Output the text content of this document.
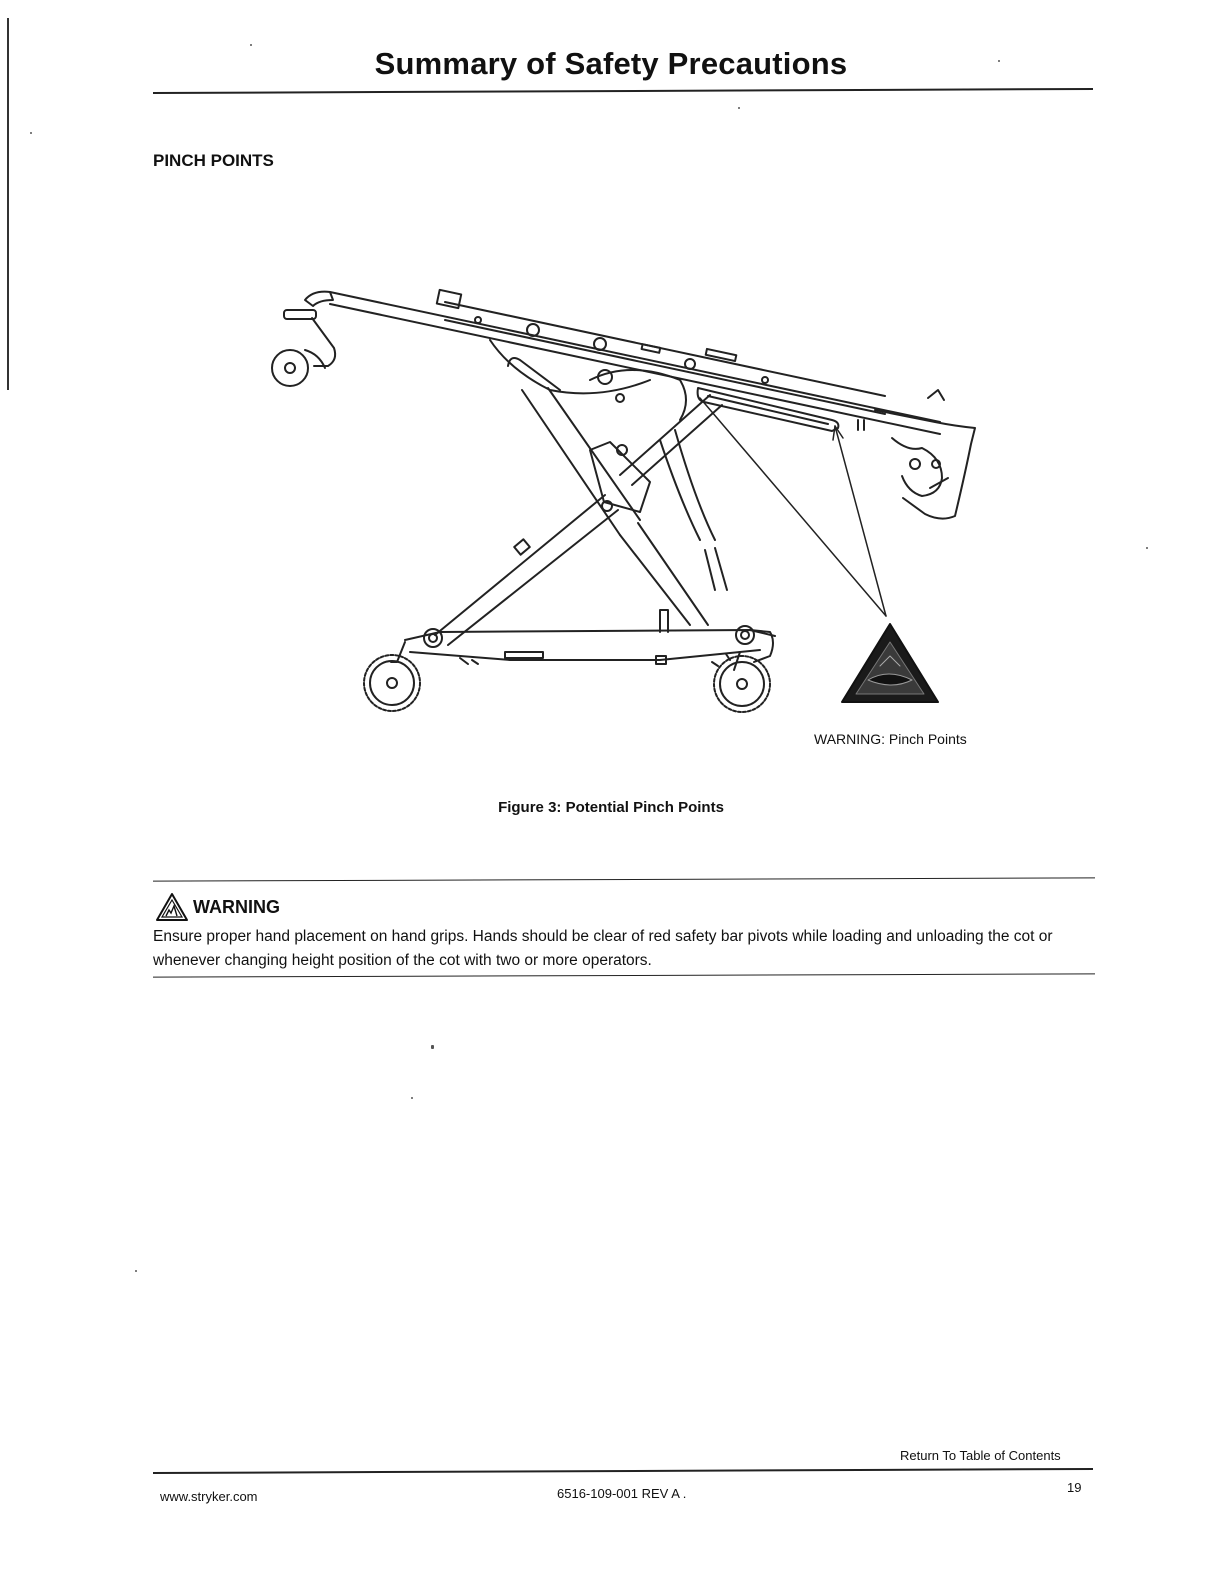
Summary of Safety Precautions
PINCH POINTS
WARNING: Pinch Points
Figure 3: Potential Pinch Points
WARNING
Ensure proper hand placement on hand grips. Hands should be clear of red safety bar pivots while loading and unloading the cot or whenever changing height position of the cot with two or more operators.
Return To Table of Contents
www.stryker.com	6516-109-001 REV A .	19
